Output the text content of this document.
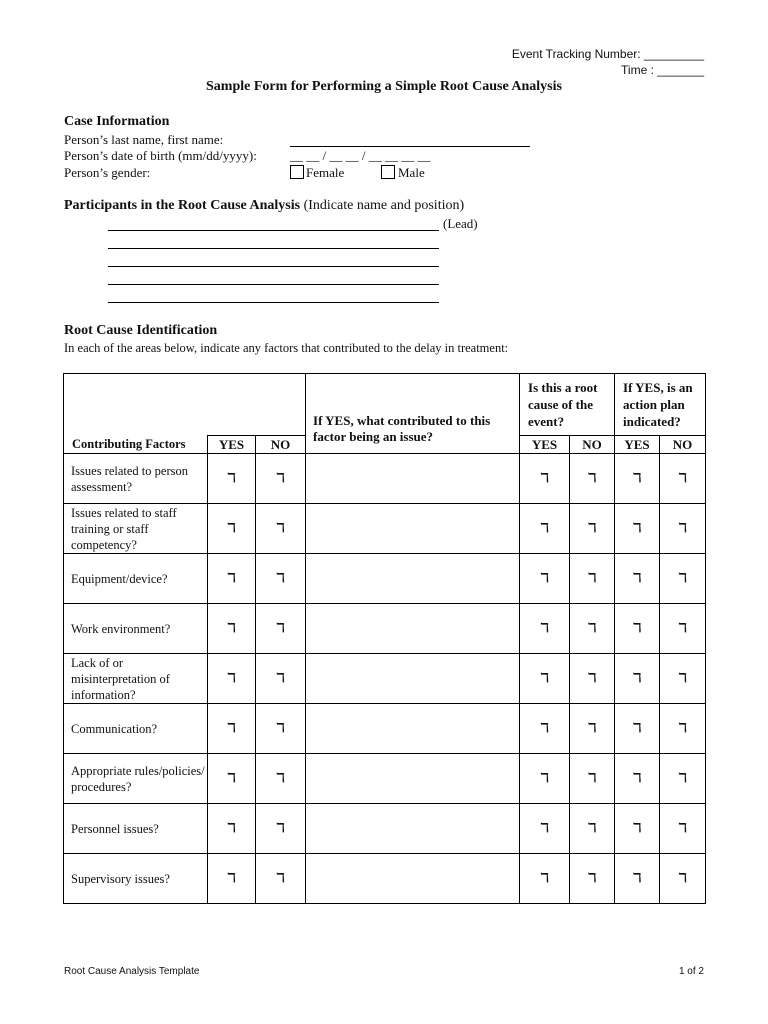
Event Tracking Number: _________
Time : _______
Sample Form for Performing a Simple Root Cause Analysis
Case Information
Person’s last name, first name:
Person’s date of birth (mm/dd/yyyy):	__ __ / __ __ / __ __ __ __
Person’s gender:	Female	Male
Participants in the Root Cause Analysis (Indicate name and position)
(Lead)
Root Cause Identification
In each of the areas below, indicate any factors that contributed to the delay in treatment:
			If YES, what contributed to this factor being an issue?	Is this a root cause of the event?		If YES, is an action plan indicated?	
Contributing Factors	YES	NO		YES	NO	YES	NO
Issues related to person assessment?	ℸ	ℸ		ℸ	ℸ	ℸ	ℸ
Issues related to staff training or staff competency?	ℸ	ℸ		ℸ	ℸ	ℸ	ℸ
Equipment/device?	ℸ	ℸ		ℸ	ℸ	ℸ	ℸ
Work environment?	ℸ	ℸ		ℸ	ℸ	ℸ	ℸ
Lack of or misinterpretation of information?	ℸ	ℸ		ℸ	ℸ	ℸ	ℸ
Communication?	ℸ	ℸ		ℸ	ℸ	ℸ	ℸ
Appropriate rules/policies/ procedures?	ℸ	ℸ		ℸ	ℸ	ℸ	ℸ
Personnel issues?	ℸ	ℸ		ℸ	ℸ	ℸ	ℸ
Supervisory issues?	ℸ	ℸ		ℸ	ℸ	ℸ	ℸ
Root Cause Analysis Template	1 of 2
